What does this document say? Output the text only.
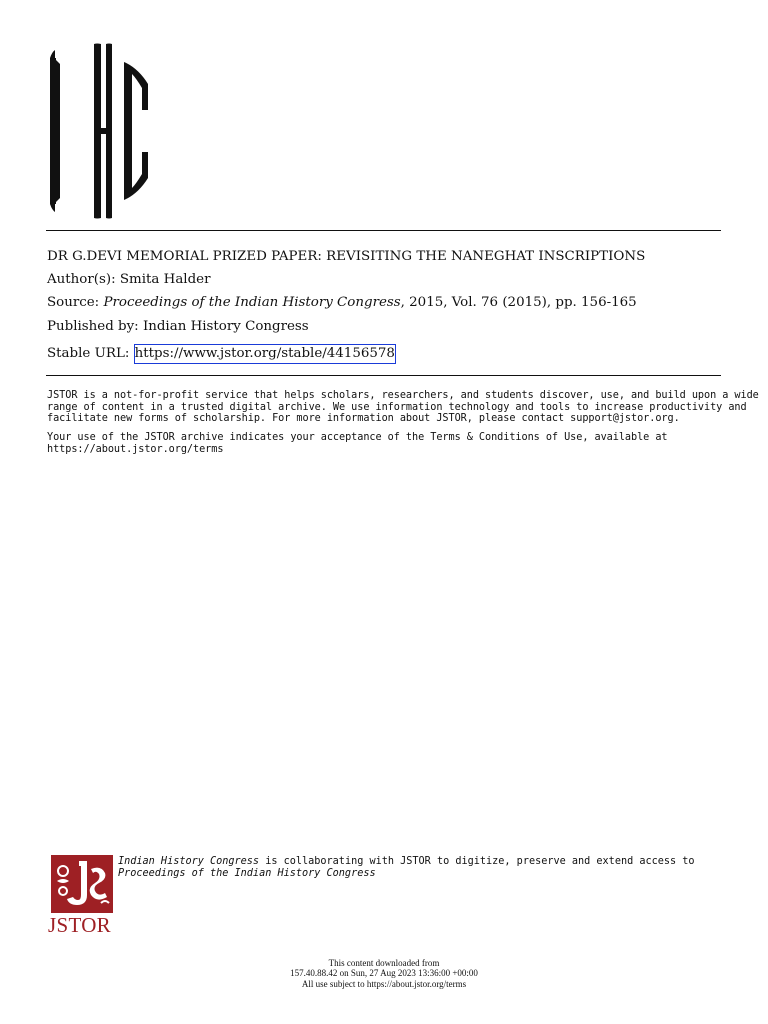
DR G.DEVI MEMORIAL PRIZED PAPER: REVISITING THE NANEGHAT INSCRIPTIONS
Author(s): Smita Halder
Source: Proceedings of the Indian History Congress, 2015, Vol. 76 (2015), pp. 156-165
Published by: Indian History Congress
Stable URL: https://www.jstor.org/stable/44156578

JSTOR is a not-for-profit service that helps scholars, researchers, and students discover, use, and build upon a wide

range of content in a trusted digital archive. We use information technology and tools to increase productivity and

facilitate new forms of scholarship. For more information about JSTOR, please contact support@jstor.org.

Your use of the JSTOR archive indicates your acceptance of the Terms & Conditions of Use, available at

https://about.jstor.org/terms

JSTOR
Indian History Congress is collaborating with JSTOR to digitize, preserve and extend access to
Proceedings of the Indian History Congress
This content downloaded from
157.40.88.42 on Sun, 27 Aug 2023 13:36:00 +00:00
All use subject to https://about.jstor.org/terms
